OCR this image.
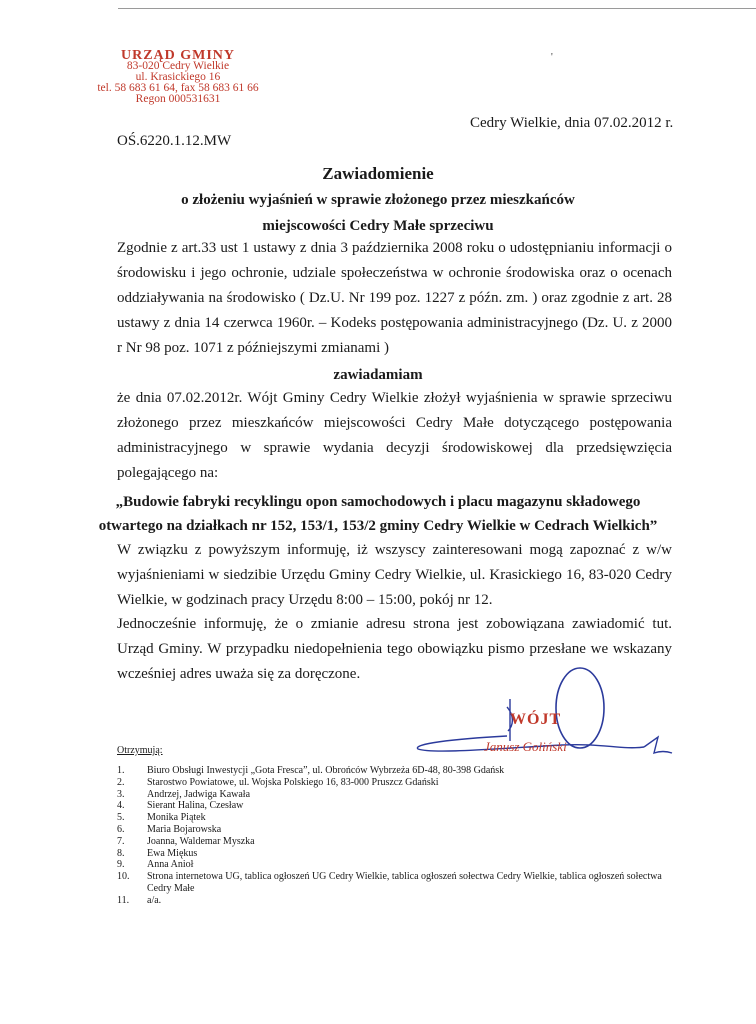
URZĄD GMINY
83-020 Cedry Wielkie
ul. Krasickiego 16
tel. 58 683 61 64, fax 58 683 61 66
Regon 000531631
'
Cedry Wielkie, dnia 07.02.2012 r.
OŚ.6220.1.12.MW
Zawiadomienie
o złożeniu wyjaśnień w sprawie złożonego przez mieszkańców
miejscowości Cedry Małe sprzeciwu

Zgodnie z art.33 ust 1 ustawy z dnia 3 października 2008 roku o udostępnianiu informacji o środowisku i jego ochronie, udziale społeczeństwa w ochronie środowiska oraz o ocenach oddziaływania na środowisko ( Dz.U. Nr 199 poz. 1227 z późn. zm. ) oraz zgodnie z art. 28 ustawy z dnia 14 czerwca 1960r. – Kodeks postępowania administracyjnego (Dz. U. z 2000 r Nr 98 poz. 1071 z późniejszymi zmianami )

zawiadamiam

że dnia 07.02.2012r. Wójt Gminy Cedry Wielkie złożył wyjaśnienia w sprawie sprzeciwu złożonego przez mieszkańców miejscowości Cedry Małe dotyczącego postępowania administracyjnego w sprawie wydania decyzji środowiskowej dla przedsięwzięcia polegającego na:

„Budowie fabryki recyklingu opon samochodowych i placu magazynu składowego
otwartego na działkach nr 152, 153/1, 153/2 gminy Cedry Wielkie w Cedrach Wielkich”

W związku z powyższym informuję, iż wszyscy zainteresowani mogą zapoznać z w/w wyjaśnieniami w siedzibie Urzędu Gminy Cedry Wielkie, ul. Krasickiego 16, 83-020 Cedry Wielkie, w godzinach pracy Urzędu 8:00 – 15:00, pokój nr 12.

Jednocześnie informuję, że o zmianie adresu strona jest zobowiązana zawiadomić tut. Urząd Gminy. W przypadku niedopełnienia tego obowiązku pismo przesłane we wskazany wcześniej adres uważa się za doręczone.

WÓJT
Janusz Goliński
Otrzymują:
1.	Biuro Obsługi Inwestycji „Gota Fresca”, ul. Obrońców Wybrzeża 6D-48, 80-398 Gdańsk
2.	Starostwo Powiatowe, ul. Wojska Polskiego 16, 83-000 Pruszcz Gdański
3.	Andrzej, Jadwiga Kawała
4.	Sierant Halina, Czesław
5.	Monika Piątek
6.	Maria Bojarowska
7.	Joanna, Waldemar Myszka
8.	Ewa Miękus
9.	Anna Anioł
10.	Strona internetowa UG, tablica ogłoszeń UG Cedry Wielkie, tablica ogłoszeń sołectwa Cedry Wielkie, tablica ogłoszeń sołectwa Cedry Małe
11.	a/a.
